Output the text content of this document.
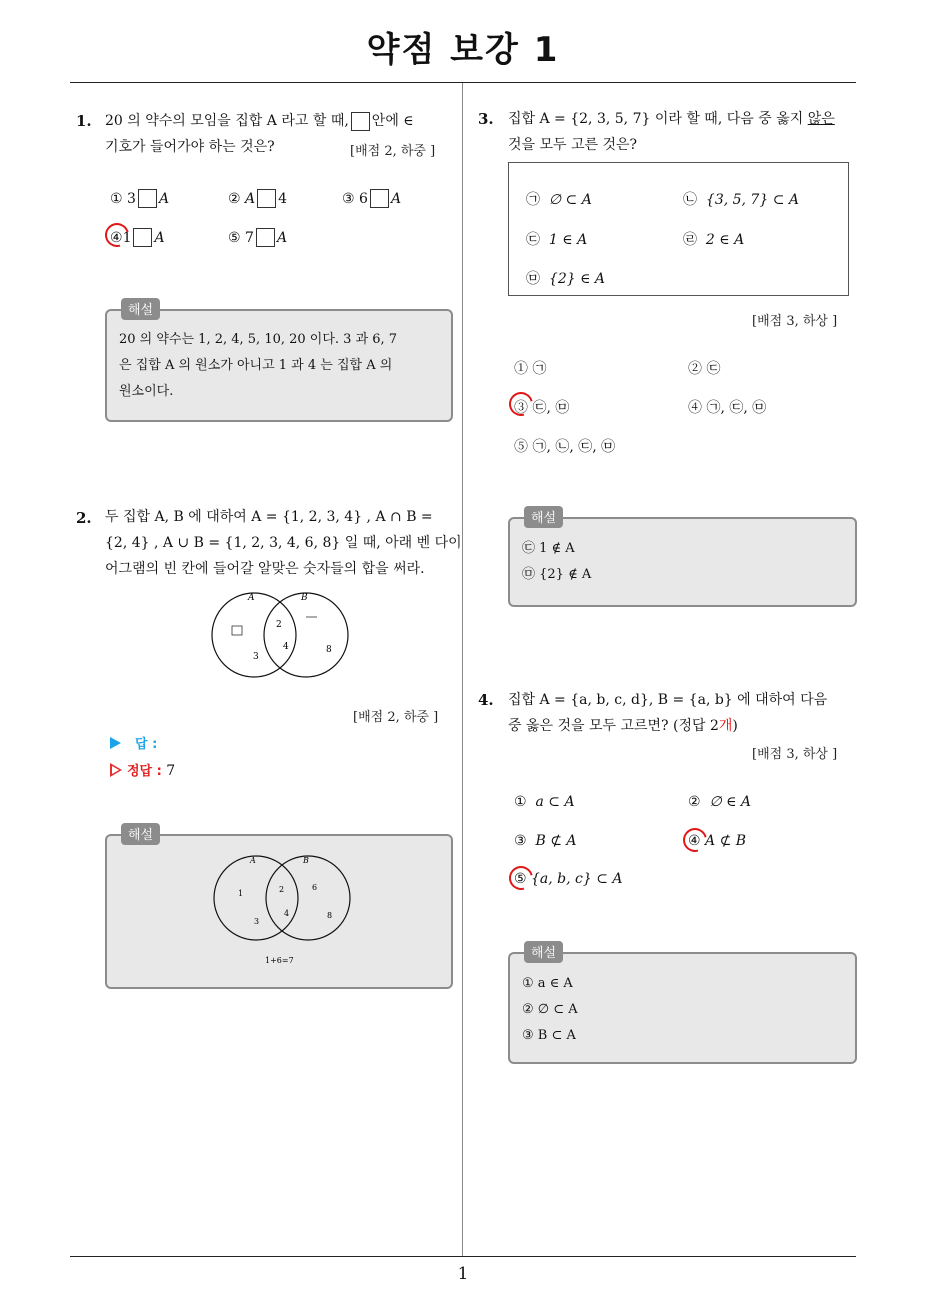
약점 보강 1
1
1. 20 의 약수의 모임을 집합 A 라고 할 때, 안에 ∈
기호가 들어가야 하는 것은?	[배점 2, 하중 ]
① 3 A	② A 4	③ 6 A
④1 A	⑤ 7 A
해설
20 의 약수는 1, 2, 4, 5, 10, 20 이다. 3 과 6, 7
은 집합 A 의 원소가 아니고 1 과 4 는 집합 A 의
원소이다.
2. 두 집합 A, B 에 대하여 A = {1, 2, 3, 4} , A ∩ B =
{2, 4} , A ∪ B = {1, 2, 3, 4, 6, 8} 일 때, 아래 벤 다이
어그램의 빈 칸에 들어갈 알맞은 숫자들의 합을 써라.
A	B
2
4
3
8
[배점 2, 하중 ]
답 :
정답 : 7
해설
A	B
1	2	6
3
4	8
1+6=7
3. 집합 A = {2, 3, 5, 7} 이라 할 때, 다음 중 옳지 않은
것을 모두 고른 것은?
㉠ ∅ ⊂ A	㉡ {3, 5, 7} ⊂ A
㉢ 1 ∈ A	㉣ 2 ∈ A
㉤ {2} ∈ A
[배점 3, 하상 ]
① ㉠	② ㉢
③ ㉢, ㉤	④ ㉠, ㉢, ㉤
⑤ ㉠, ㉡, ㉢, ㉤
해설
㉢ 1 ∉ A
㉤ {2} ∉ A
4. 집합 A = {a, b, c, d}, B = {a, b} 에 대하여 다음
중 옳은 것을 모두 고르면? (정답 2개)
[배점 3, 하상 ]
① a ⊂ A	② ∅ ∈ A
③ B ⊄ A	④ A ⊄ B
⑤ {a, b, c} ⊂ A
해설
① a ∈ A
② ∅ ⊂ A
③ B ⊂ A
